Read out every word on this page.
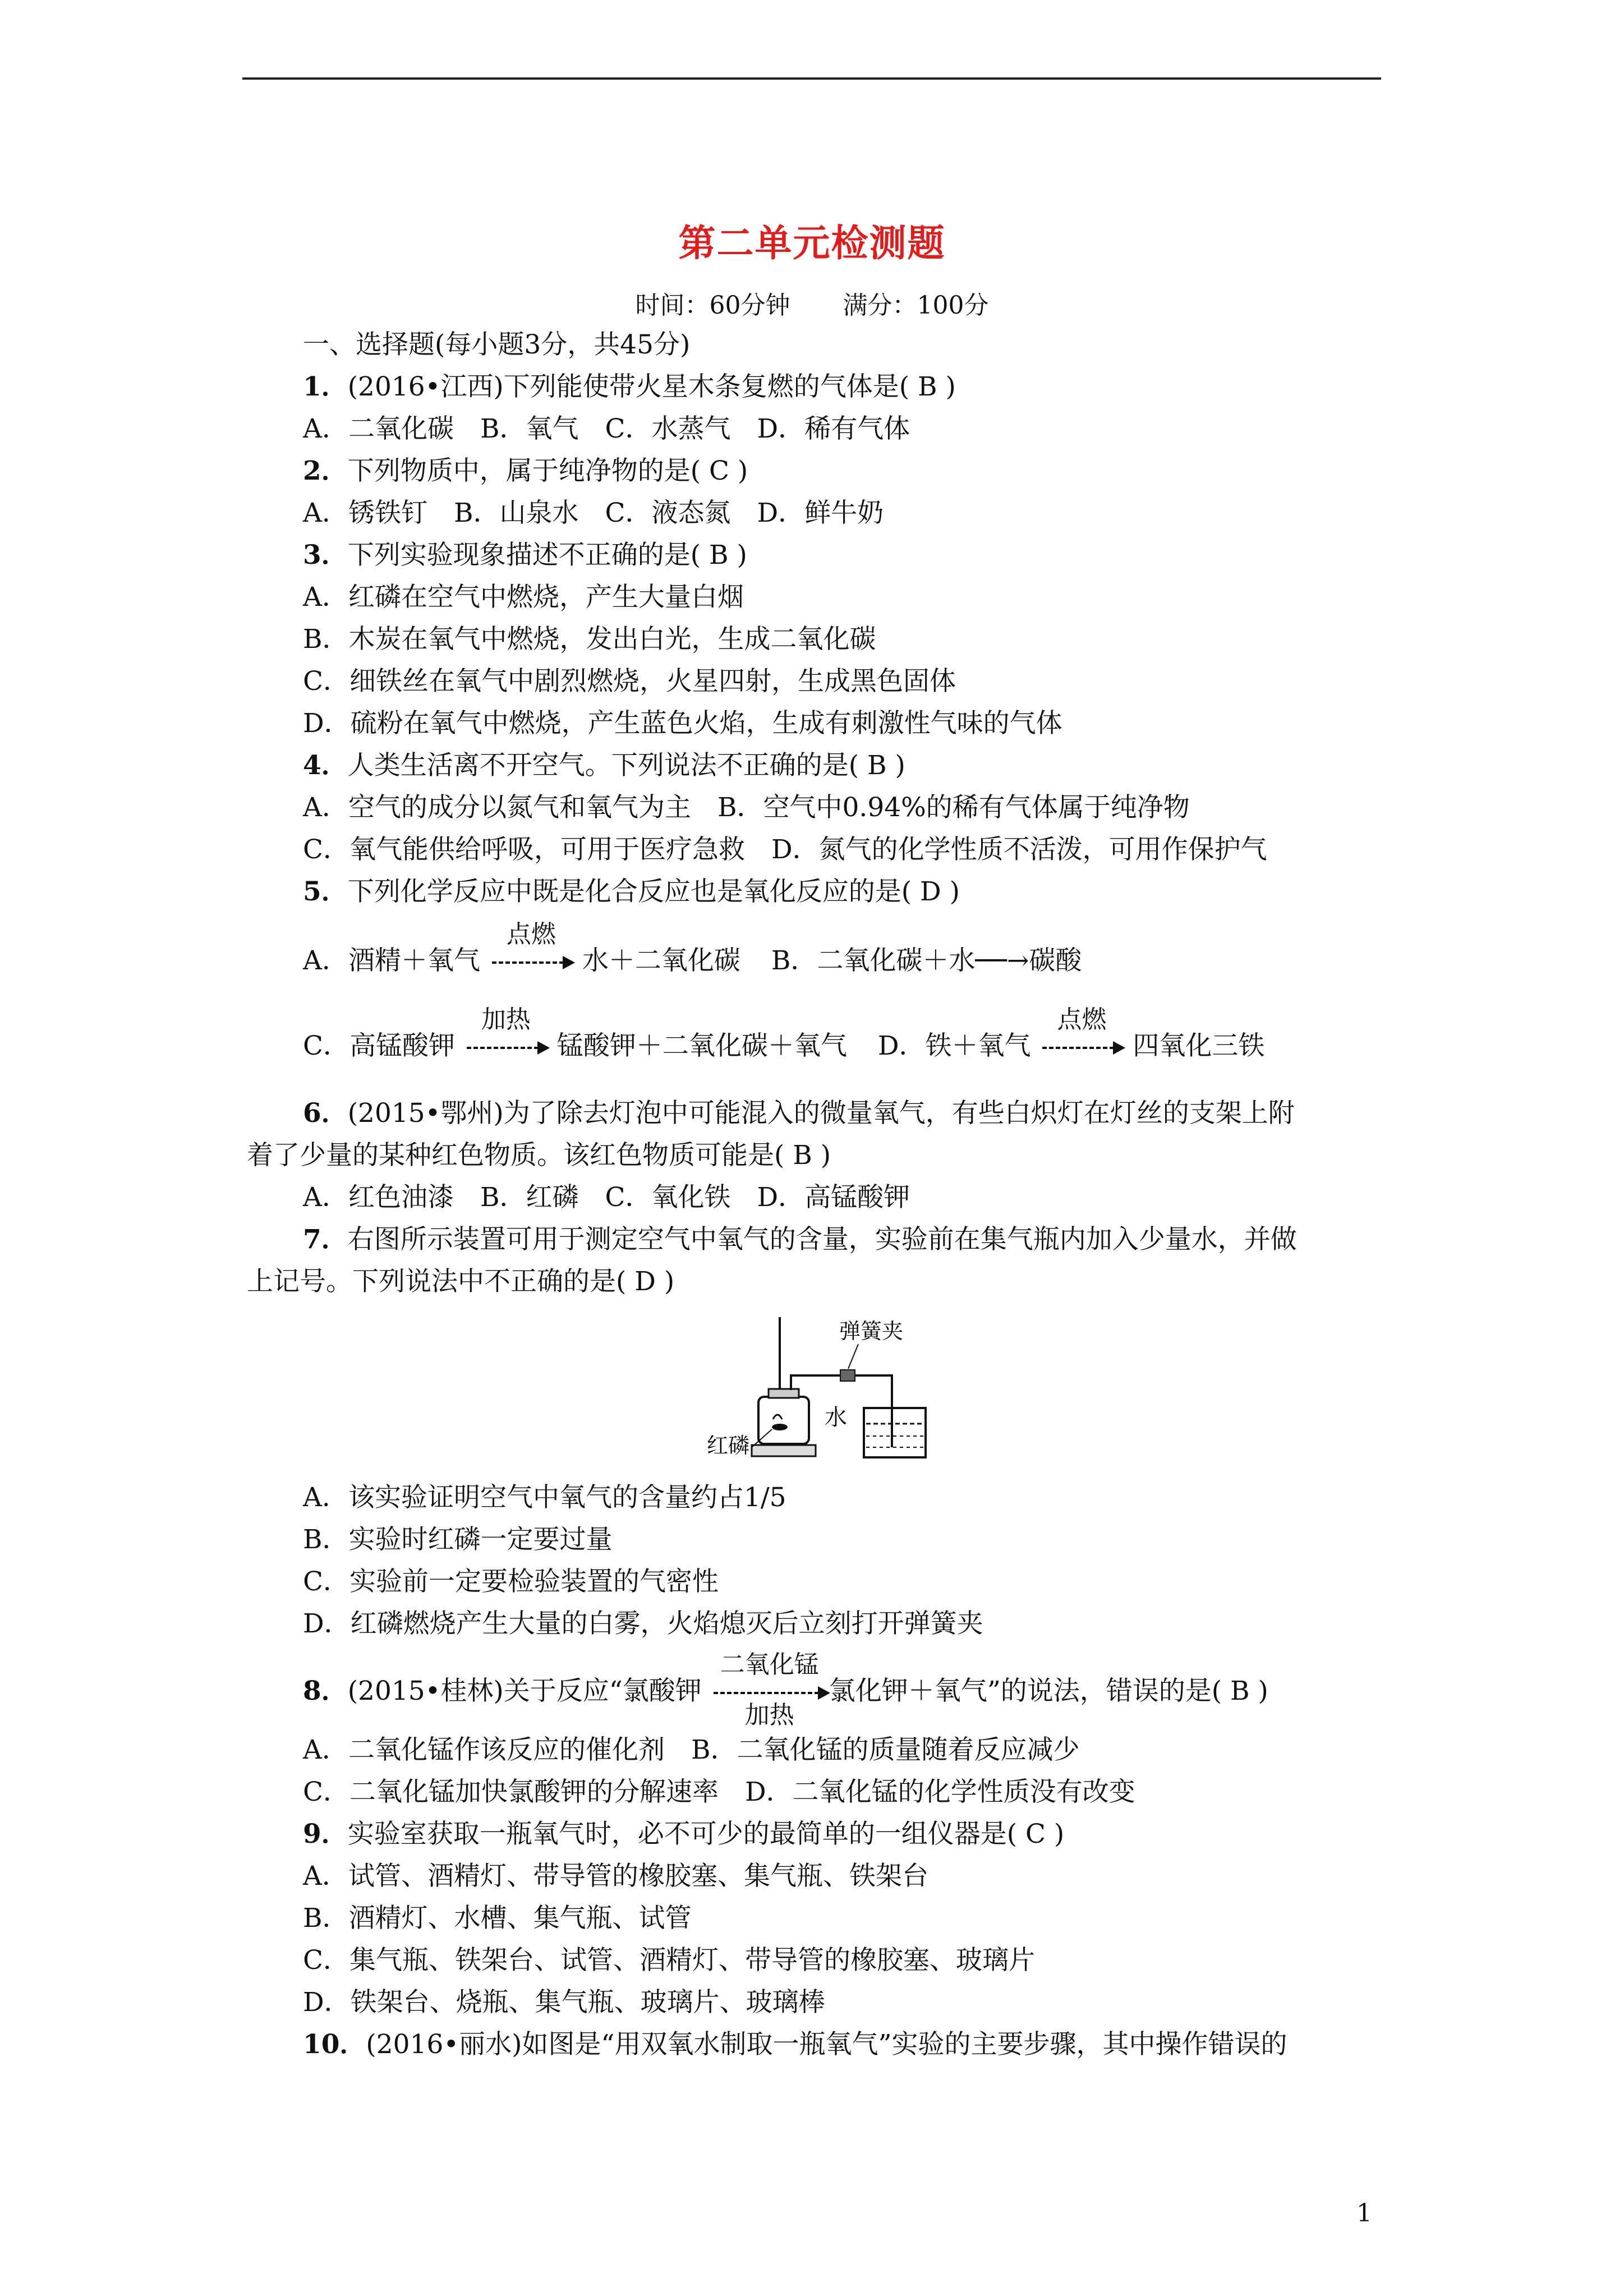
第二单元检测题
时间：60分钟 满分：100分
一、选择题(每小题3分，共45分)
1．(2016•江西)下列能使带火星木条复燃的气体是( B )
A．二氧化碳　B．氧气　C．水蒸气　D．稀有气体
2．下列物质中，属于纯净物的是( C )
A．锈铁钉　B．山泉水　C．液态氮　D．鲜牛奶
3．下列实验现象描述不正确的是( B )
A．红磷在空气中燃烧，产生大量白烟
B．木炭在氧气中燃烧，发出白光，生成二氧化碳
C．细铁丝在氧气中剧烈燃烧，火星四射，生成黑色固体
D．硫粉在氧气中燃烧，产生蓝色火焰，生成有刺激性气味的气体
4．人类生活离不开空气。下列说法不正确的是( B )
A．空气的成分以氮气和氧气为主　B．空气中0.94%的稀有气体属于纯净物
C．氧气能供给呼吸，可用于医疗急救　D．氮气的化学性质不活泼，可用作保护气
5．下列化学反应中既是化合反应也是氧化反应的是( D )
A．酒精＋氧气
点燃
水＋二氧化碳 B．二氧化碳＋水──→碳酸
C．高锰酸钾
加热
锰酸钾＋二氧化碳＋氧气 D．铁＋氧气
点燃
四氧化三铁
6．(2015•鄂州)为了除去灯泡中可能混入的微量氧气，有些白炽灯在灯丝的支架上附
着了少量的某种红色物质。该红色物质可能是( B )
A．红色油漆　B．红磷　C．氧化铁　D．高锰酸钾
7．右图所示装置可用于测定空气中氧气的含量，实验前在集气瓶内加入少量水，并做
上记号。下列说法中不正确的是( D )
弹簧夹
水
红磷
A．该实验证明空气中氧气的含量约占1/5
B．实验时红磷一定要过量
C．实验前一定要检验装置的气密性
D．红磷燃烧产生大量的白雾，火焰熄灭后立刻打开弹簧夹
8．(2015•桂林)关于反应“氯酸钾
二氧化锰
加热
氯化钾＋氧气”的说法，错误的是( B )
A．二氧化锰作该反应的催化剂　B．二氧化锰的质量随着反应减少
C．二氧化锰加快氯酸钾的分解速率　D．二氧化锰的化学性质没有改变
9．实验室获取一瓶氧气时，必不可少的最简单的一组仪器是( C )
A．试管、酒精灯、带导管的橡胶塞、集气瓶、铁架台
B．酒精灯、水槽、集气瓶、试管
C．集气瓶、铁架台、试管、酒精灯、带导管的橡胶塞、玻璃片
D．铁架台、烧瓶、集气瓶、玻璃片、玻璃棒
10．(2016•丽水)如图是“用双氧水制取一瓶氧气”实验的主要步骤，其中操作错误的
1
